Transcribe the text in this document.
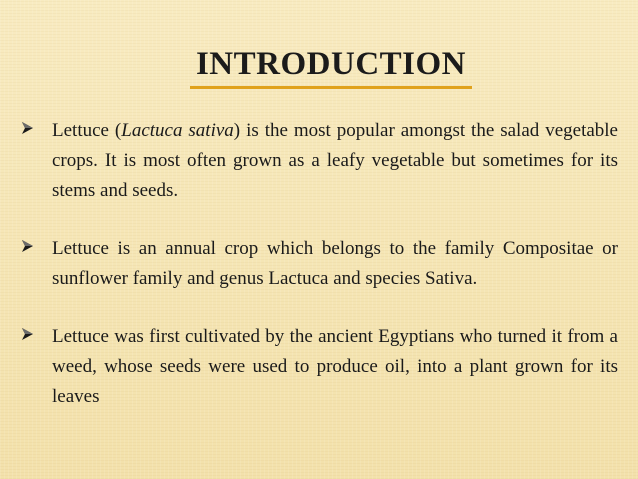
INTRODUCTION
Lettuce (Lactuca sativa) is the most popular amongst the salad vegetable crops. It is most often grown as a leafy vegetable but sometimes for its stems and seeds.
Lettuce is an annual crop which belongs to the family Compositae or sunflower family and genus Lactuca and species Sativa.
Lettuce was first cultivated by the ancient Egyptians who turned it from a weed, whose seeds were used to produce oil, into a plant grown for its leaves
